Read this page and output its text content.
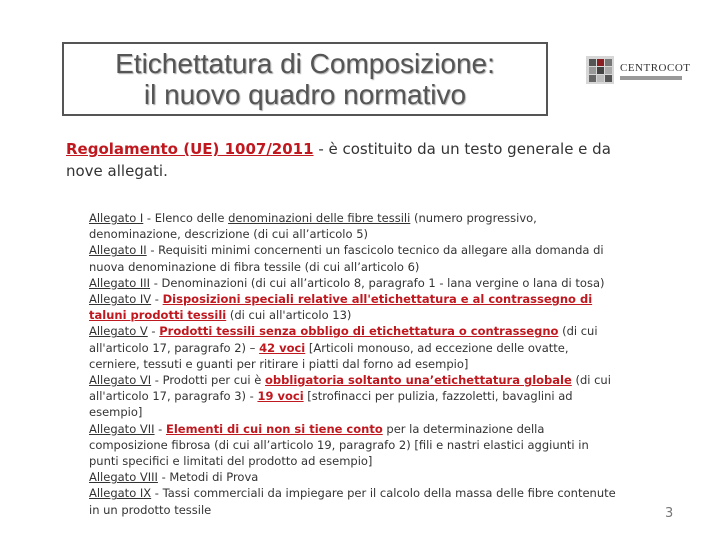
Etichettatura di Composizione:
il nuovo quadro normativo
CENTROCOT
Regolamento (UE) 1007/2011 - è costituito da un testo generale e da nove allegati.
Allegato I - Elenco delle denominazioni delle fibre tessili (numero progressivo, denominazione, descrizione (di cui all’articolo 5)
Allegato II - Requisiti minimi concernenti un fascicolo tecnico da allegare alla domanda di nuova denominazione di fibra tessile (di cui all’articolo 6)
Allegato III - Denominazioni (di cui all’articolo 8, paragrafo 1 - lana vergine o lana di tosa)
Allegato IV - Disposizioni speciali relative all'etichettatura e al contrassegno di taluni prodotti tessili (di cui all'articolo 13)
Allegato V - Prodotti tessili senza obbligo di etichettatura o contrassegno (di cui all'articolo 17, paragrafo 2) – 42 voci [Articoli monouso, ad eccezione delle ovatte, cerniere, tessuti e guanti per ritirare i piatti dal forno ad esempio]
Allegato VI - Prodotti per cui è obbligatoria soltanto una’etichettatura globale (di cui all'articolo 17, paragrafo 3) - 19 voci [strofinacci per pulizia, fazzoletti, bavaglini ad esempio]
Allegato VII - Elementi di cui non si tiene conto per la determinazione della composizione fibrosa (di cui all’articolo 19, paragrafo 2) [fili e nastri elastici aggiunti in punti specifici e limitati del prodotto ad esempio]
Allegato VIII - Metodi di Prova
Allegato IX - Tassi commerciali da impiegare per il calcolo della massa delle fibre contenute in un prodotto tessile	3
